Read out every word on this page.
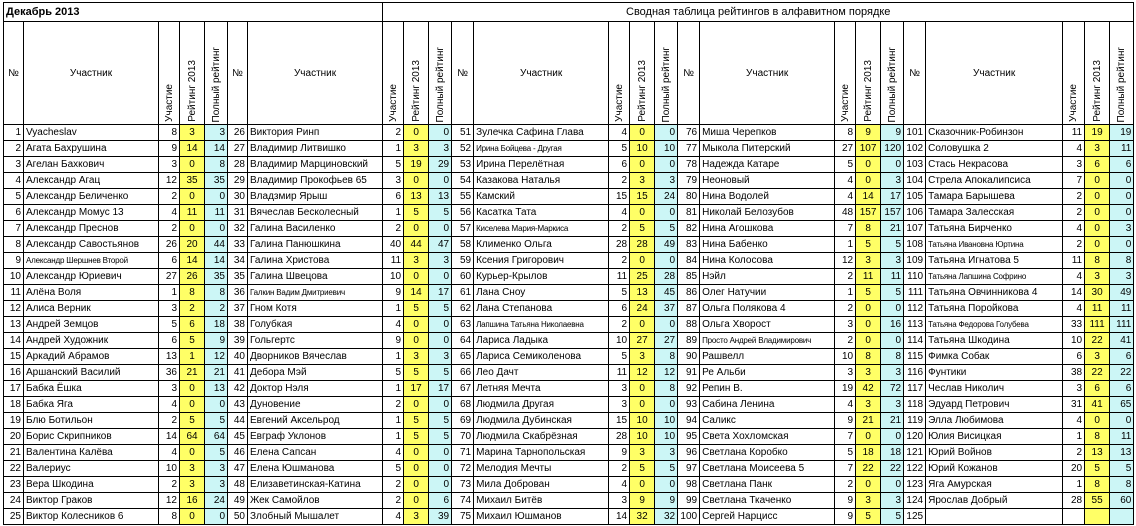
Декабрь 2013							Сводная таблица рейтингов в алфавитном порядке																	
№	Участник	Участие	Рейтинг 2013	Полный рейтинг	№	Участник	Участие	Рейтинг 2013	Полный рейтинг	№	Участник	Участие	Рейтинг 2013	Полный рейтинг	№	Участник	Участие	Рейтинг 2013	Полный рейтинг	№	Участник	Участие	Рейтинг 2013	Полный рейтинг

1	Vyacheslav	8	3	3	26	Виктория Ринп	2	0	0	51	Зулечка Сафина Глава	4	0	0	76	Миша Черепков	8	9	9	101	Сказочник-Робинзон	11	19	19
2	Агата Бахрушина	9	14	14	27	Владимир Литвишко	1	3	3	52	Ирина Бойцева - Другая	5	10	10	77	Мыкола Питерский	27	107	120	102	Соловушка 2	4	3	11
3	Агелан Бахкович	3	0	8	28	Владимир Марциновский	5	19	29	53	Ирина Перелётная	6	0	0	78	Надежда Катаре	5	0	0	103	Стась Некрасова	3	6	6
4	Александр Агац	12	35	35	29	Владимир Прокофьев 65	3	0	0	54	Казакова Наталья	2	3	3	79	Неоновый	4	0	3	104	Стрела Апокалипсиса	7	0	0
5	Александр Беличенко	2	0	0	30	Владзмир Ярыш	6	13	13	55	Камский	15	15	24	80	Нина Водолей	4	14	17	105	Тамара Барышева	2	0	0
6	Александр Момус 13	4	11	11	31	Вячеслав Бесколесный	1	5	5	56	Касатка Тата	4	0	0	81	Николай Белозубов	48	157	157	106	Тамара Залесская	2	0	0
7	Александр Преснов	2	0	0	32	Галина Василенко	2	0	0	57	Киселева Мария-Маркиса	2	5	5	82	Нина Агошкова	7	8	21	107	Татьяна Бирченко	4	0	3
8	Александр Савостьянов	26	20	44	33	Галина Панюшкина	40	44	47	58	Клименко Ольга	28	28	49	83	Нина Бабенко	1	5	5	108	Татьяна Ивановна Юртина	2	0	0
9	Александр Шершнев Второй	6	14	14	34	Галина Христова	11	3	3	59	Ксения Григорович	2	0	0	84	Нина Колосова	12	3	3	109	Татьяна Игнатова 5	11	8	8
10	Александр Юриевич	27	26	35	35	Галина Швецова	10	0	0	60	Курьер-Крылов	11	25	28	85	Нэйл	2	11	11	110	Татьяна Лапшина Софрино	4	3	3
11	Алёна Воля	1	8	8	36	Галкин Вадим Дмитриевич	9	14	17	61	Лана Сноу	5	13	45	86	Олег Натучии	1	5	5	111	Татьяна Овчинникова 4	14	30	49
12	Алиса Верник	3	2	2	37	Гном Котя	1	5	5	62	Лана Степанова	6	24	37	87	Ольга Полякова 4	2	0	0	112	Татьяна Поройкова	4	11	11
13	Андрей Земцов	5	6	18	38	Голубкая	4	0	0	63	Лапшина Татьяна Николаевна	2	0	0	88	Ольга Хворост	3	0	16	113	Татьяна Федорова Голубева	33	111	111
14	Андрей Художник	6	5	9	39	Гольгертс	9	0	0	64	Лариса Ладыка	10	27	27	89	Просто Андрей Владимирович	2	0	0	114	Татьяна Шкодина	10	22	41
15	Аркадий Абрамов	13	1	12	40	Дворников Вячеслав	1	3	3	65	Лариса Семиколенова	5	3	8	90	Рашвелл	10	8	8	115	Фимка Собак	6	3	6
16	Аршанский Василий	36	21	21	41	Дебора Мэй	5	5	5	66	Лео Дачт	11	12	12	91	Ре Альби	3	3	3	116	Фунтики	38	22	22
17	Бабка Ёшка	3	0	13	42	Доктор Нэля	1	17	17	67	Летняя Мечта	3	0	8	92	Репин В.	19	42	72	117	Чеслав Николич	3	6	6
18	Бабка Яга	4	0	0	43	Дуновение	2	0	0	68	Людмила Другая	3	0	0	93	Сабина Ленина	4	3	3	118	Эдуард Петрович	31	41	65
19	Блю Ботильон	2	5	5	44	Евгений Аксельрод	1	5	5	69	Людмила Дубинская	15	10	10	94	Саликс	9	21	21	119	Элла Любимова	4	0	0
20	Борис Скрипников	14	64	64	45	Евграф Уклонов	1	5	5	70	Людмила Скабрёзная	28	10	10	95	Света Хохломская	7	0	0	120	Юлия Висицкая	1	8	11
21	Валентина Калёва	4	0	5	46	Елена Сапсан	4	0	0	71	Марина Тарнопольская	9	3	3	96	Светлана Коробко	5	18	18	121	Юрий Войнов	2	13	13
22	Валериус	10	3	3	47	Елена Юшманова	5	0	0	72	Мелодия Мечты	2	5	5	97	Светлана Моисеева 5	7	22	22	122	Юрий Кожанов	20	5	5
23	Вера Шкодина	2	3	3	48	Елизаветинская-Катина	2	0	0	73	Мила Доброван	4	0	0	98	Светлана Панк	2	0	0	123	Яга Амурская	1	8	8
24	Виктор Граков	12	16	24	49	Жек Самойлов	2	0	6	74	Михаил Битёв	3	9	9	99	Светлана Ткаченко	9	3	3	124	Ярослав Добрый	28	55	60
25	Виктор Колесников 6	8	0	0	50	Злобный Мышалет	4	3	39	75	Михаил Юшманов	14	32	32	100	Сергей Нарцисс	9	5	5	125				
